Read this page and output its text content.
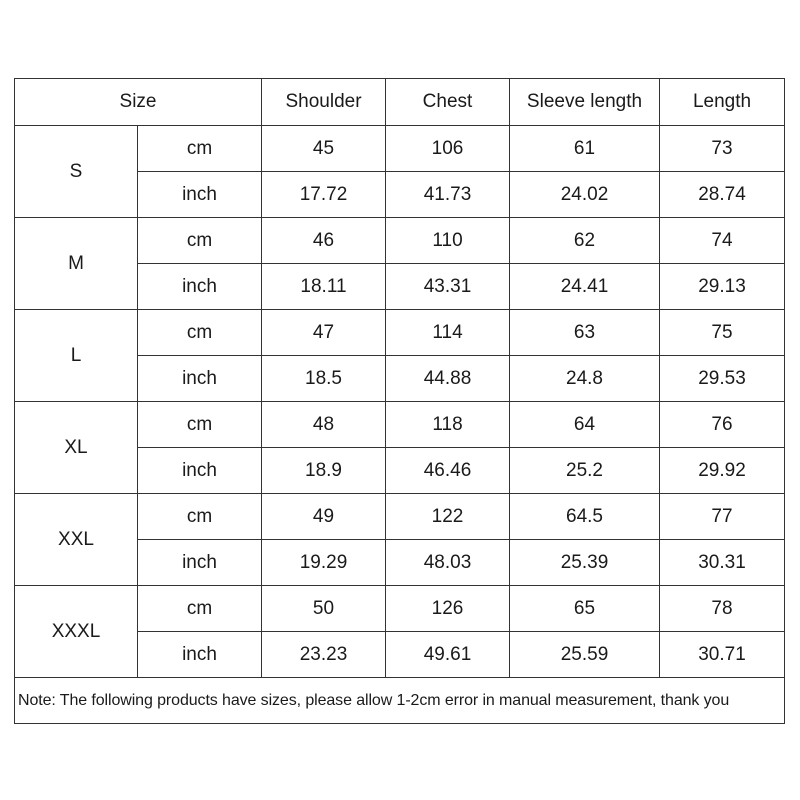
Size		Shoulder	Chest	Sleeve length	Length
S	cm	45	106	61	73
	inch	17.72	41.73	24.02	28.74
M	cm	46	110	62	74
	inch	18.11	43.31	24.41	29.13
L	cm	47	114	63	75
	inch	18.5	44.88	24.8	29.53
XL	cm	48	118	64	76
	inch	18.9	46.46	25.2	29.92
XXL	cm	49	122	64.5	77
	inch	19.29	48.03	25.39	30.31
XXXL	cm	50	126	65	78
	inch	23.23	49.61	25.59	30.71
Note: The following products have sizes, please allow 1-2cm error in manual measurement, thank you					
